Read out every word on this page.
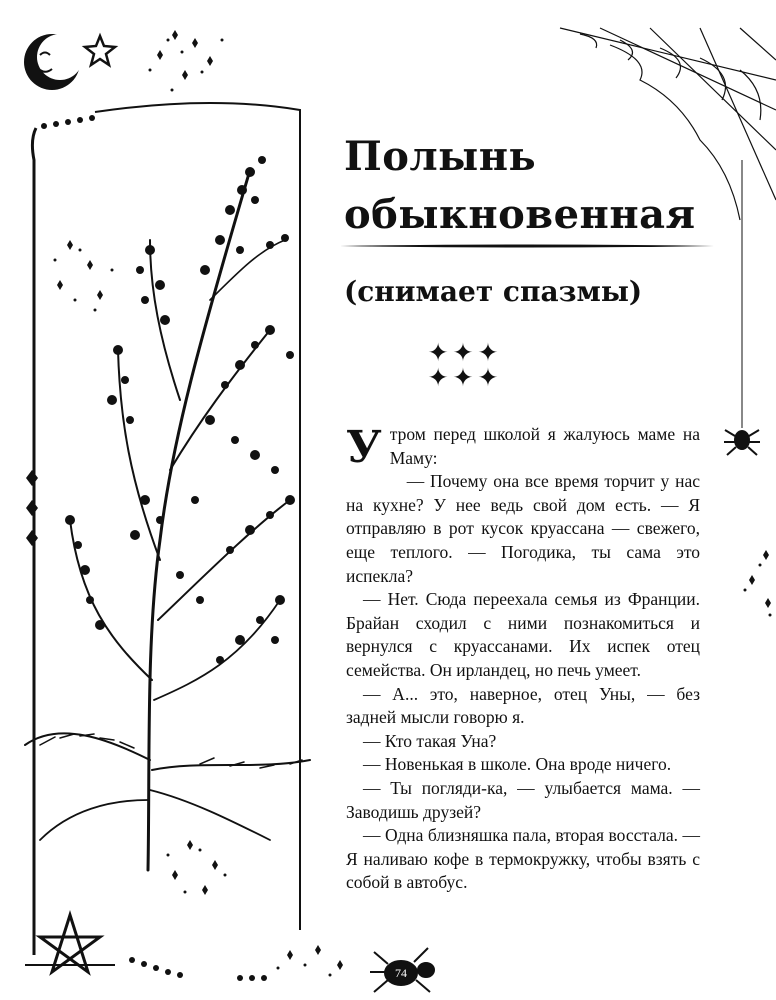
Полынь обыкновенная
(снимает спазмы)
✦✦✦ ✦✦✦

Утром перед школой я жалуюсь маме на Маму:

— Почему она все время торчит у нас на кухне? У нее ведь свой дом есть. — Я отправляю в рот кусок круассана — свежего, еще теплого. — Погодика, ты сама это испекла?

— Нет. Сюда переехала семья из Франции. Брайан сходил с ними познакомиться и вернулся с круассанами. Их испек отец семейства. Он ирландец, но печь умеет.

— А... это, наверное, отец Уны, — без задней мысли говорю я.

— Кто такая Уна?

— Новенькая в школе. Она вроде ничего.

— Ты погляди-ка, — улыбается мама. — Заводишь друзей?

— Одна близняшка пала, вторая восстала. — Я наливаю кофе в термокружку, чтобы взять с собой в автобус.

74
